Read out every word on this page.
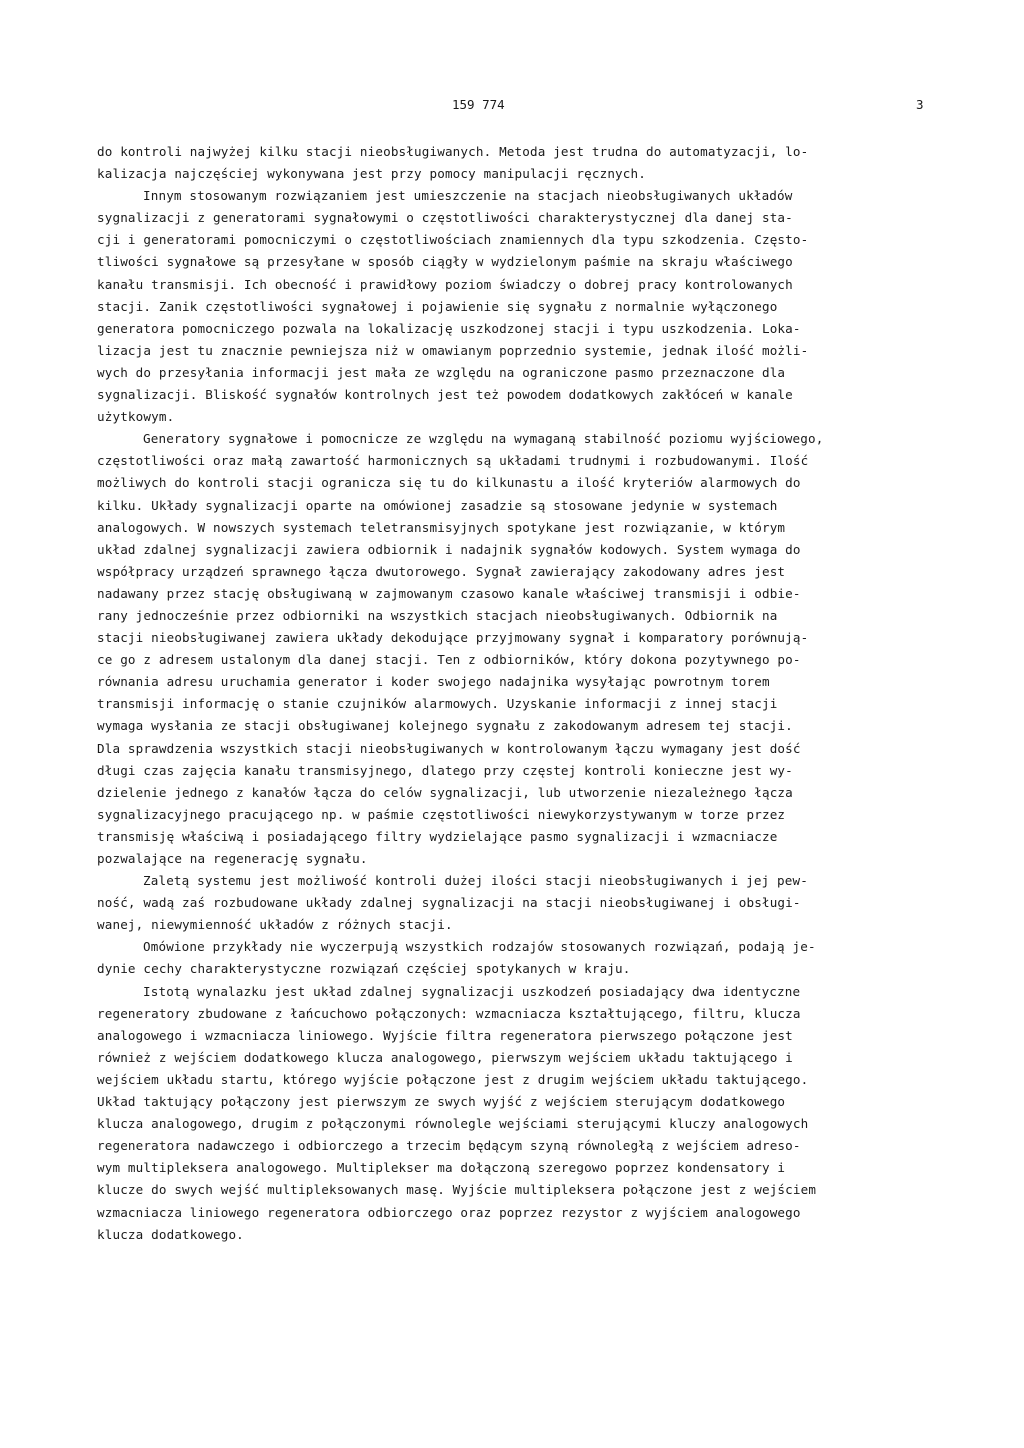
159 774	3
do kontroli najwyżej kilku stacji nieobsługiwanych. Metoda jest trudna do automatyzacji, lo-
kalizacja najczęściej wykonywana jest przy pomocy manipulacji ręcznych.
Innym stosowanym rozwiązaniem jest umieszczenie na stacjach nieobsługiwanych układów
sygnalizacji z generatorami sygnałowymi o częstotliwości charakterystycznej dla danej sta-
cji i generatorami pomocniczymi o częstotliwościach znamiennych dla typu szkodzenia. Często-
tliwości sygnałowe są przesyłane w sposób ciągły w wydzielonym paśmie na skraju właściwego
kanału transmisji. Ich obecność i prawidłowy poziom świadczy o dobrej pracy kontrolowanych
stacji. Zanik częstotliwości sygnałowej i pojawienie się sygnału z normalnie wyłączonego
generatora pomocniczego pozwala na lokalizację uszkodzonej stacji i typu uszkodzenia. Loka-
lizacja jest tu znacznie pewniejsza niż w omawianym poprzednio systemie, jednak ilość możli-
wych do przesyłania informacji jest mała ze względu na ograniczone pasmo przeznaczone dla
sygnalizacji. Bliskość sygnałów kontrolnych jest też powodem dodatkowych zakłóceń w kanale
użytkowym.
Generatory sygnałowe i pomocnicze ze względu na wymaganą stabilność poziomu wyjściowego,
częstotliwości oraz małą zawartość harmonicznych są układami trudnymi i rozbudowanymi. Ilość
możliwych do kontroli stacji ogranicza się tu do kilkunastu a ilość kryteriów alarmowych do
kilku. Układy sygnalizacji oparte na omówionej zasadzie są stosowane jedynie w systemach
analogowych. W nowszych systemach teletransmisyjnych spotykane jest rozwiązanie, w którym
układ zdalnej sygnalizacji zawiera odbiornik i nadajnik sygnałów kodowych. System wymaga do
współpracy urządzeń sprawnego łącza dwutorowego. Sygnał zawierający zakodowany adres jest
nadawany przez stację obsługiwaną w zajmowanym czasowo kanale właściwej transmisji i odbie-
rany jednocześnie przez odbiorniki na wszystkich stacjach nieobsługiwanych. Odbiornik na
stacji nieobsługiwanej zawiera układy dekodujące przyjmowany sygnał i komparatory porównują-
ce go z adresem ustalonym dla danej stacji. Ten z odbiorników, który dokona pozytywnego po-
równania adresu uruchamia generator i koder swojego nadajnika wysyłając powrotnym torem
transmisji informację o stanie czujników alarmowych. Uzyskanie informacji z innej stacji
wymaga wysłania ze stacji obsługiwanej kolejnego sygnału z zakodowanym adresem tej stacji.
Dla sprawdzenia wszystkich stacji nieobsługiwanych w kontrolowanym łączu wymagany jest dość
długi czas zajęcia kanału transmisyjnego, dlatego przy częstej kontroli konieczne jest wy-
dzielenie jednego z kanałów łącza do celów sygnalizacji, lub utworzenie niezależnego łącza
sygnalizacyjnego pracującego np. w paśmie częstotliwości niewykorzystywanym w torze przez
transmisję właściwą i posiadającego filtry wydzielające pasmo sygnalizacji i wzmacniacze
pozwalające na regenerację sygnału.
Zaletą systemu jest możliwość kontroli dużej ilości stacji nieobsługiwanych i jej pew-
ność, wadą zaś rozbudowane układy zdalnej sygnalizacji na stacji nieobsługiwanej i obsługi-
wanej, niewymienność układów z różnych stacji.
Omówione przykłady nie wyczerpują wszystkich rodzajów stosowanych rozwiązań, podają je-
dynie cechy charakterystyczne rozwiązań częściej spotykanych w kraju.
Istotą wynalazku jest układ zdalnej sygnalizacji uszkodzeń posiadający dwa identyczne
regeneratory zbudowane z łańcuchowo połączonych: wzmacniacza kształtującego, filtru, klucza
analogowego i wzmacniacza liniowego. Wyjście filtra regeneratora pierwszego połączone jest
również z wejściem dodatkowego klucza analogowego, pierwszym wejściem układu taktującego i
wejściem układu startu, którego wyjście połączone jest z drugim wejściem układu taktującego.
Układ taktujący połączony jest pierwszym ze swych wyjść z wejściem sterującym dodatkowego
klucza analogowego, drugim z połączonymi równolegle wejściami sterującymi kluczy analogowych
regeneratora nadawczego i odbiorczego a trzecim będącym szyną równoległą z wejściem adreso-
wym multipleksera analogowego. Multiplekser ma dołączoną szeregowo poprzez kondensatory i
klucze do swych wejść multipleksowanych masę. Wyjście multipleksera połączone jest z wejściem
wzmacniacza liniowego regeneratora odbiorczego oraz poprzez rezystor z wyjściem analogowego
klucza dodatkowego.
